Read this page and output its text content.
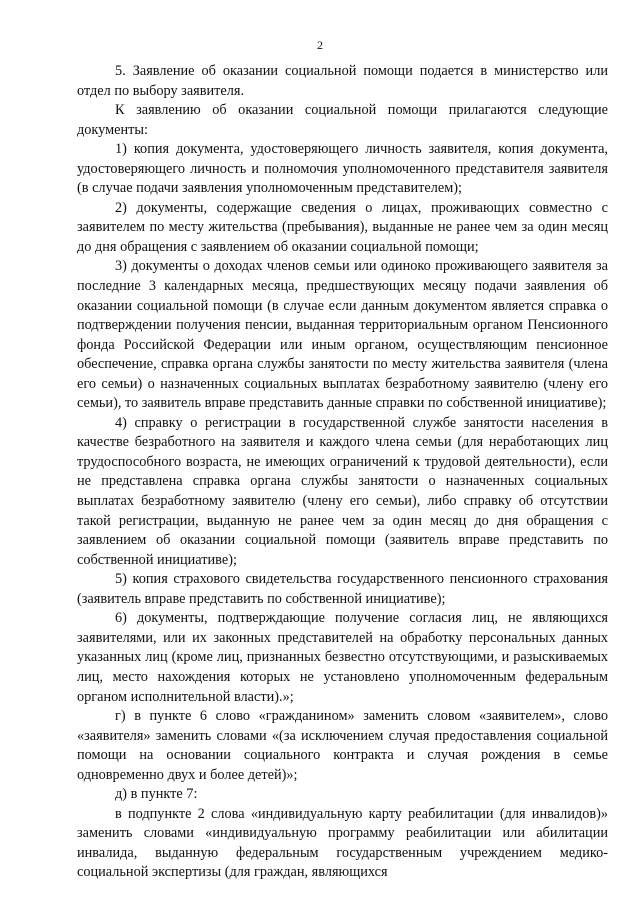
2

5. Заявление об оказании социальной помощи подается в министерство или отдел по выбору заявителя.

К заявлению об оказании социальной помощи прилагаются следующие документы:

1) копия документа, удостоверяющего личность заявителя, копия документа, удостоверяющего личность и полномочия уполномоченного представителя заявителя (в случае подачи заявления уполномоченным представителем);

2) документы, содержащие сведения о лицах, проживающих совместно с заявителем по месту жительства (пребывания), выданные не ранее чем за один месяц до дня обращения с заявлением об оказании социальной помощи;

3) документы о доходах членов семьи или одиноко проживающего заявителя за последние 3 календарных месяца, предшествующих месяцу подачи заявления об оказании социальной помощи (в случае если данным документом является справка о подтверждении получения пенсии, выданная территориальным органом Пенсионного фонда Российской Федерации или иным органом, осуществляющим пенсионное обеспечение, справка органа службы занятости по месту жительства заявителя (члена его семьи) о назначенных социальных выплатах безработному заявителю (члену его семьи), то заявитель вправе представить данные справки по собственной инициативе);

4) справку о регистрации в государственной службе занятости населения в качестве безработного на заявителя и каждого члена семьи (для неработающих лиц трудоспособного возраста, не имеющих ограничений к трудовой деятельности), если не представлена справка органа службы занятости о назначенных социальных выплатах безработному заявителю (члену его семьи), либо справку об отсутствии такой регистрации, выданную не ранее чем за один месяц до дня обращения с заявлением об оказании социальной помощи (заявитель вправе представить по собственной инициативе);

5) копия страхового свидетельства государственного пенсионного страхования (заявитель вправе представить по собственной инициативе);

6) документы, подтверждающие получение согласия лиц, не являющихся заявителями, или их законных представителей на обработку персональных данных указанных лиц (кроме лиц, признанных безвестно отсутствующими, и разыскиваемых лиц, место нахождения которых не установлено уполномоченным федеральным органом исполнительной власти).»;

г) в пункте 6 слово «гражданином» заменить словом «заявителем», слово «заявителя» заменить словами «(за исключением случая предоставления социальной помощи на основании социального контракта и случая рождения в семье одновременно двух и более детей)»;

д) в пункте 7:

в подпункте 2 слова «индивидуальную карту реабилитации (для инвалидов)» заменить словами «индивидуальную программу реабилитации или абилитации инвалида, выданную федеральным государственным учреждением медико-социальной экспертизы (для граждан, являющихся
